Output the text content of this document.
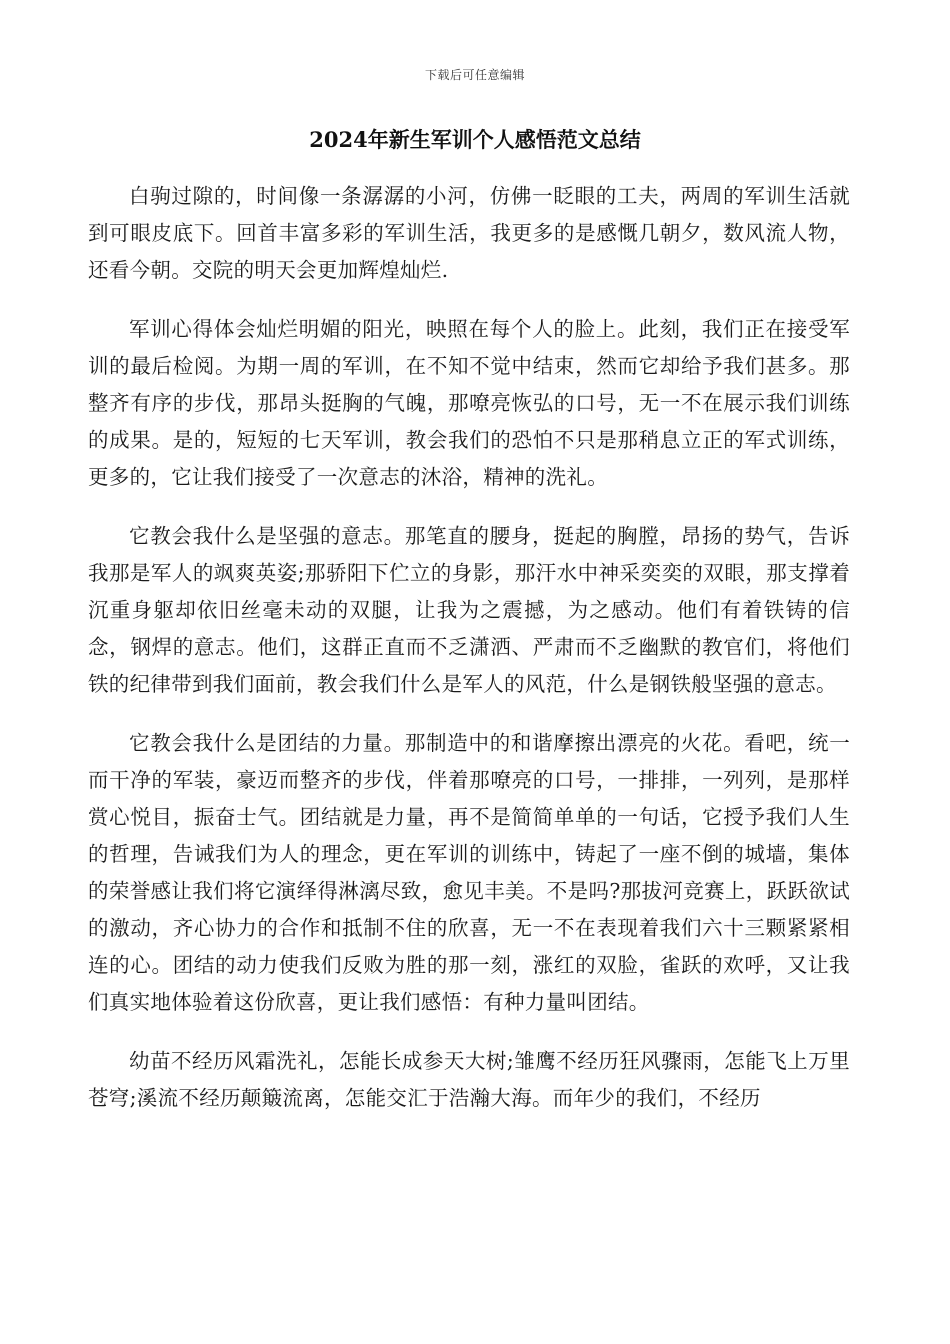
下载后可任意编辑
2024年新生军训个人感悟范文总结

白驹过隙的，时间像一条潺潺的小河，仿佛一眨眼的工夫，两周的军训生活就到可眼皮底下。回首丰富多彩的军训生活，我更多的是感慨几朝夕，数风流人物，还看今朝。交院的明天会更加辉煌灿烂.

军训心得体会灿烂明媚的阳光，映照在每个人的脸上。此刻，我们正在接受军训的最后检阅。为期一周的军训，在不知不觉中结束，然而它却给予我们甚多。那整齐有序的步伐，那昂头挺胸的气魄，那嘹亮恢弘的口号，无一不在展示我们训练的成果。是的，短短的七天军训，教会我们的恐怕不只是那稍息立正的军式训练，更多的，它让我们接受了一次意志的沐浴，精神的洗礼。

它教会我什么是坚强的意志。那笔直的腰身，挺起的胸膛，昂扬的势气，告诉我那是军人的飒爽英姿;那骄阳下伫立的身影，那汗水中神采奕奕的双眼，那支撑着沉重身躯却依旧丝毫未动的双腿，让我为之震撼，为之感动。他们有着铁铸的信念，钢焊的意志。他们，这群正直而不乏潇洒、严肃而不乏幽默的教官们，将他们铁的纪律带到我们面前，教会我们什么是军人的风范，什么是钢铁般坚强的意志。

它教会我什么是团结的力量。那制造中的和谐摩擦出漂亮的火花。看吧，统一而干净的军装，豪迈而整齐的步伐，伴着那嘹亮的口号，一排排，一列列，是那样赏心悦目，振奋士气。团结就是力量，再不是简简单单的一句话，它授予我们人生的哲理，告诫我们为人的理念，更在军训的训练中，铸起了一座不倒的城墙，集体的荣誉感让我们将它演绎得淋漓尽致，愈见丰美。不是吗?那拔河竞赛上，跃跃欲试的激动，齐心协力的合作和抵制不住的欣喜，无一不在表现着我们六十三颗紧紧相连的心。团结的动力使我们反败为胜的那一刻，涨红的双脸，雀跃的欢呼，又让我们真实地体验着这份欣喜，更让我们感悟：有种力量叫团结。

幼苗不经历风霜洗礼，怎能长成参天大树;雏鹰不经历狂风骤雨，怎能飞上万里苍穹;溪流不经历颠簸流离，怎能交汇于浩瀚大海。而年少的我们，不经历
